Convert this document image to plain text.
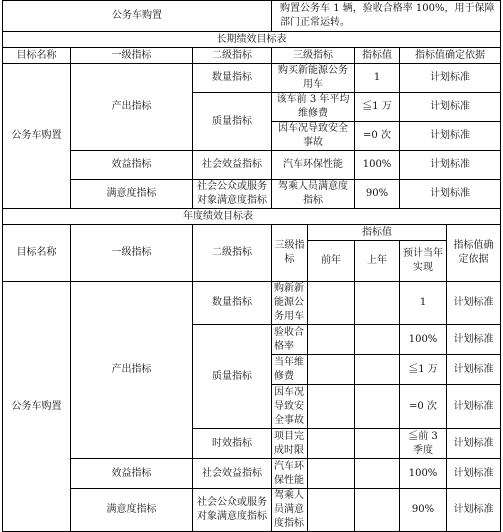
公务车购置			购置公务车 1 辆，验收合格率 100%，用于保障部门正常运转。				
长期绩效目标表							
目标名称	一级指标	二级指标	三级指标		指标值	指标值确定依据	
公务车购置	产出指标	数量指标	购买新能源公务用车		1	计划标准	
		质量指标	该车前 3 年平均维修费		≦1 万	计划标准	
			因车况导致安全事故		=0 次	计划标准	
	效益指标	社会效益指标	汽车环保性能		100%	计划标准	
	满意度指标	社会公众或服务对象满意度指标	驾乘人员满意度指标		90%	计划标准	
年度绩效目标表							
目标名称	一级指标	二级指标	三级指标	指标值			指标值确定依据
				前年	上年	预计当年实现	
公务车购置	产出指标	数量指标	购新新能源公务用车			1	计划标准
		质量指标	验收合格率			100%	计划标准
			当年维修费			≦1 万	计划标准
			因车况导致安全事故			=0 次	计划标准
		时效指标	项目完成时限			≦前 3 季度	计划标准
	效益指标	社会效益指标	汽车环保性能			100%	计划标准
	满意度指标	社会公众或服务对象满意度指标	驾乘人员满意度指标			90%	计划标准
